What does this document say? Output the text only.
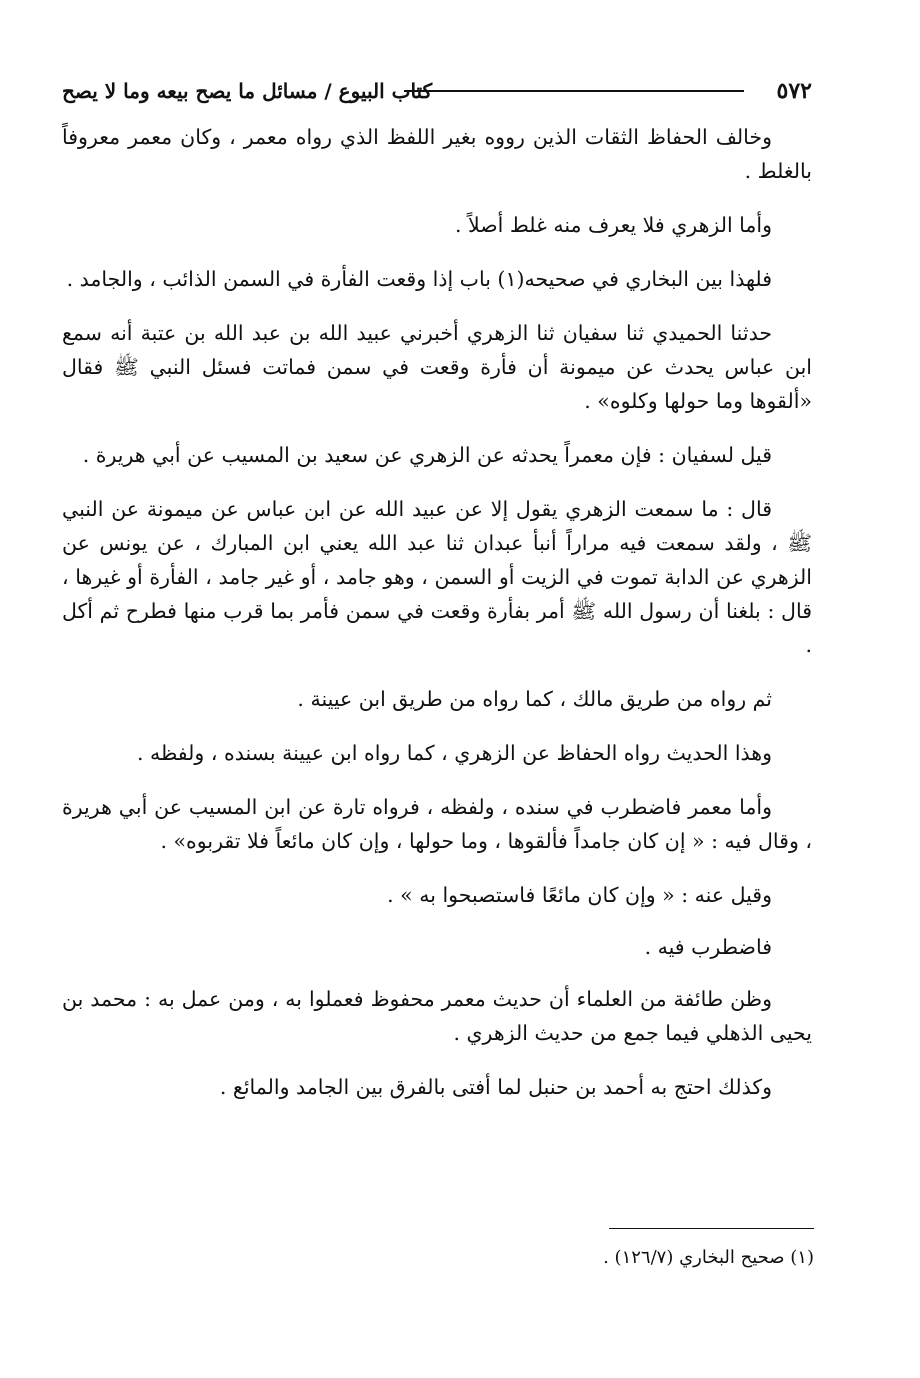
٥٧٢
كتاب البيوع / مسائل ما يصح بيعه وما لا يصح

وخالف الحفاظ الثقات الذين رووه بغير اللفظ الذي رواه معمر ، وكان معمر معروفاً بالغلط .

وأما الزهري فلا يعرف منه غلط أصلاً .

فلهذا بين البخاري في صحيحه(١) باب إذا وقعت الفأرة في السمن الذائب ، والجامد .

حدثنا الحميدي ثنا سفيان ثنا الزهري أخبرني عبيد الله بن عبد الله بن عتبة أنه سمع ابن عباس يحدث عن ميمونة أن فأرة وقعت في سمن فماتت فسئل النبي ﷺ فقال «ألقوها وما حولها وكلوه» .

قيل لسفيان : فإن معمراً يحدثه عن الزهري عن سعيد بن المسيب عن أبي هريرة .

قال : ما سمعت الزهري يقول إلا عن عبيد الله عن ابن عباس عن ميمونة عن النبي ﷺ ، ولقد سمعت فيه مراراً أنبأ عبدان ثنا عبد الله يعني ابن المبارك ، عن يونس عن الزهري عن الدابة تموت في الزيت أو السمن ، وهو جامد ، أو غير جامد ، الفأرة أو غيرها ، قال : بلغنا أن رسول الله ﷺ أمر بفأرة وقعت في سمن فأمر بما قرب منها فطرح ثم أكل .

ثم رواه من طريق مالك ، كما رواه من طريق ابن عيينة .

وهذا الحديث رواه الحفاظ عن الزهري ، كما رواه ابن عيينة بسنده ، ولفظه .

وأما معمر فاضطرب في سنده ، ولفظه ، فرواه تارة عن ابن المسيب عن أبي هريرة ، وقال فيه : « إن كان جامداً فألقوها ، وما حولها ، وإن كان مائعاً فلا تقربوه» .

وقيل عنه : « وإن كان مائعًا فاستصبحوا به » .

فاضطرب فيه .

وظن طائفة من العلماء أن حديث معمر محفوظ فعملوا به ، ومن عمل به : محمد بن يحيى الذهلي فيما جمع من حديث الزهري .

وكذلك احتج به أحمد بن حنبل لما أفتى بالفرق بين الجامد والمائع .

(١) صحيح البخاري (١٢٦/٧) .
